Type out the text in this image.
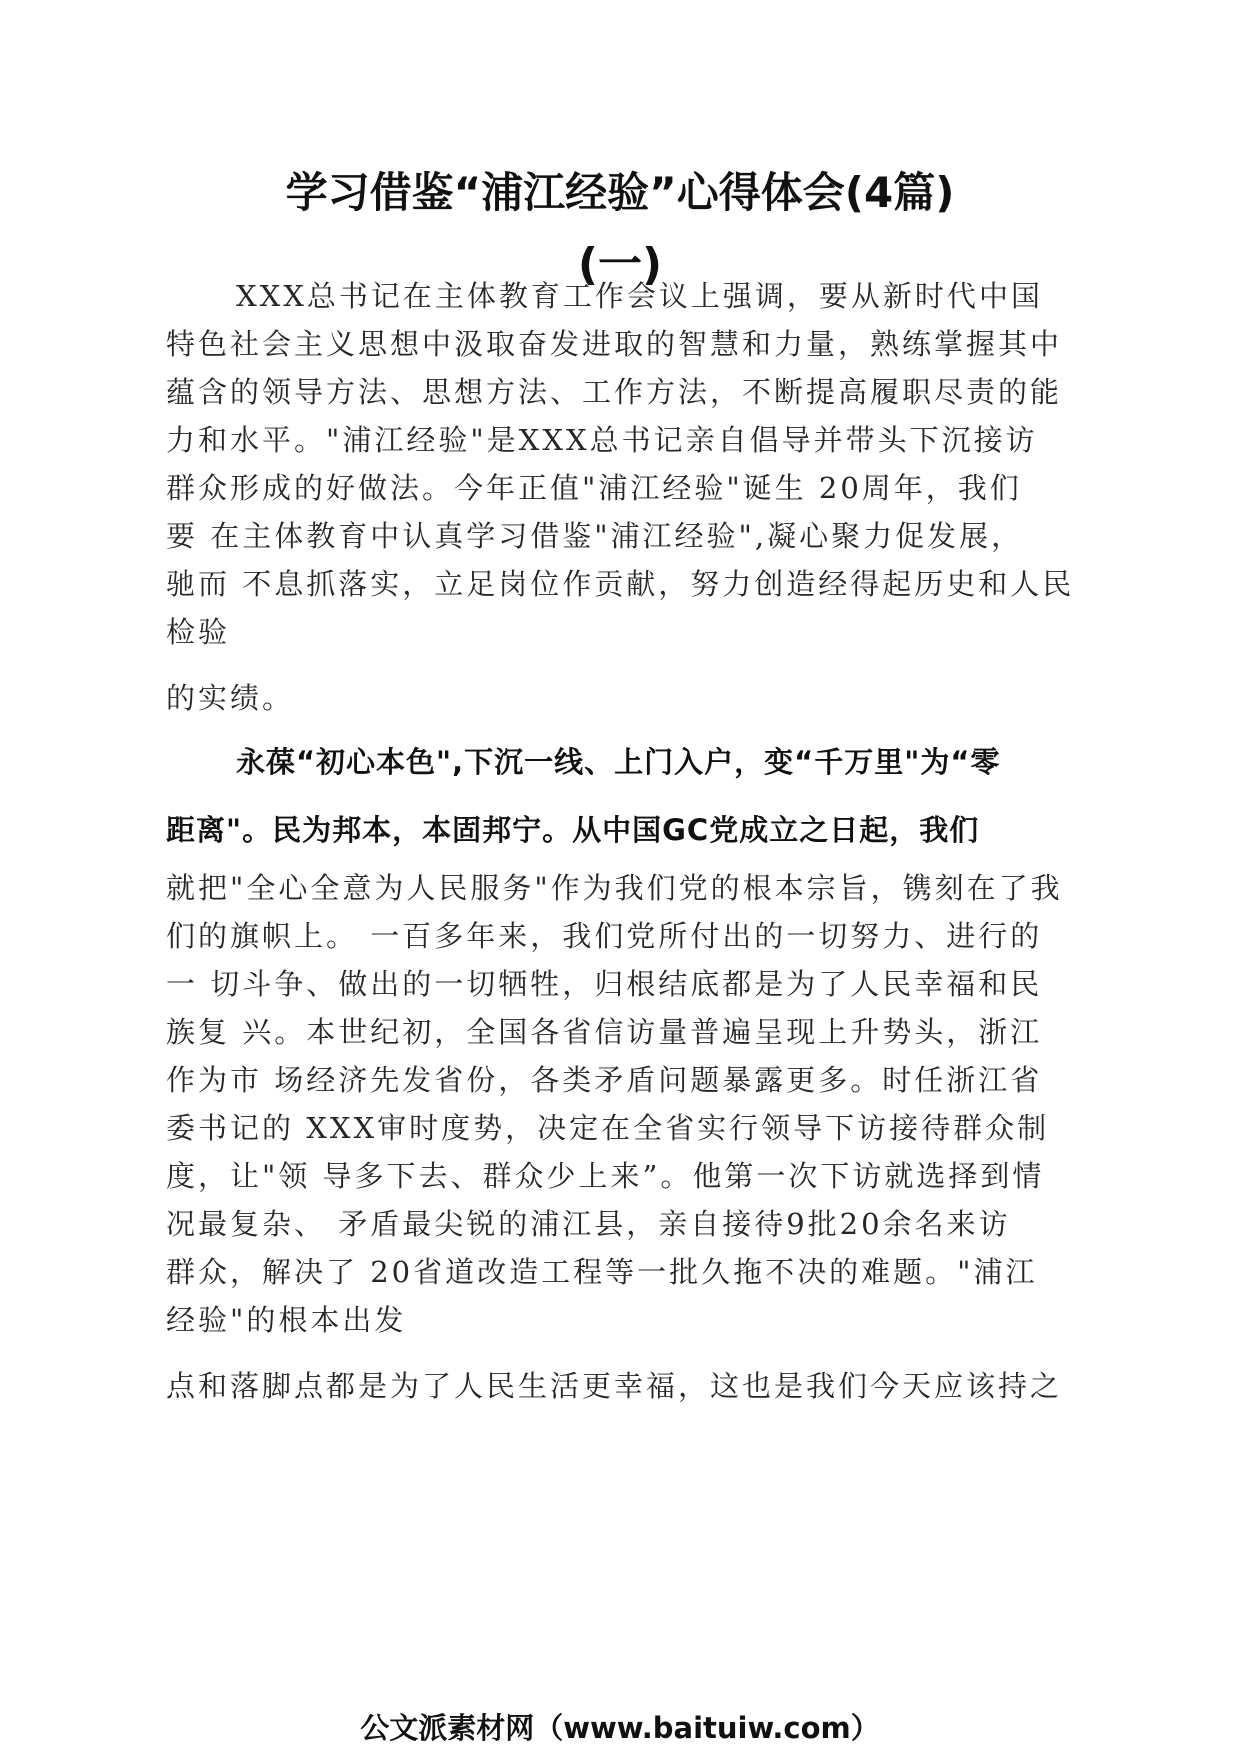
学习借鉴“浦江经验”心得体会(4篇)
(一)
XXX总书记在主体教育工作会议上强调，要从新时代中国
特色社会主义思想中汲取奋发进取的智慧和力量，熟练掌握其中
蕴含的领导方法、思想方法、工作方法，不断提高履职尽责的能
力和水平。"浦江经验"是XXX总书记亲自倡导并带头下沉接访
群众形成的好做法。今年正值"浦江经验"诞生 20周年，我们
要 在主体教育中认真学习借鉴"浦江经验",凝心聚力促发展，
驰而 不息抓落实，立足岗位作贡献，努力创造经得起历史和人民
检验
的实绩。
永葆“初心本色",下沉一线、上门入户，变“千万里"为“零
距离"。民为邦本，本固邦宁。从中国GC党成立之日起，我们
就把"全心全意为人民服务"作为我们党的根本宗旨，镌刻在了我
们的旗帜上。 一百多年来，我们党所付出的一切努力、进行的
一 切斗争、做出的一切牺牲，归根结底都是为了人民幸福和民
族复 兴。本世纪初，全国各省信访量普遍呈现上升势头，浙江
作为市 场经济先发省份，各类矛盾问题暴露更多。时任浙江省
委书记的 XXX审时度势，决定在全省实行领导下访接待群众制
度，让"领 导多下去、群众少上来”。他第一次下访就选择到情
况最复杂、 矛盾最尖锐的浦江县，亲自接待9批20余名来访
群众，解决了 20省道改造工程等一批久拖不决的难题。"浦江
经验"的根本出发
点和落脚点都是为了人民生活更幸福，这也是我们今天应该持之
公文派素材网（www.baituiw.com）
